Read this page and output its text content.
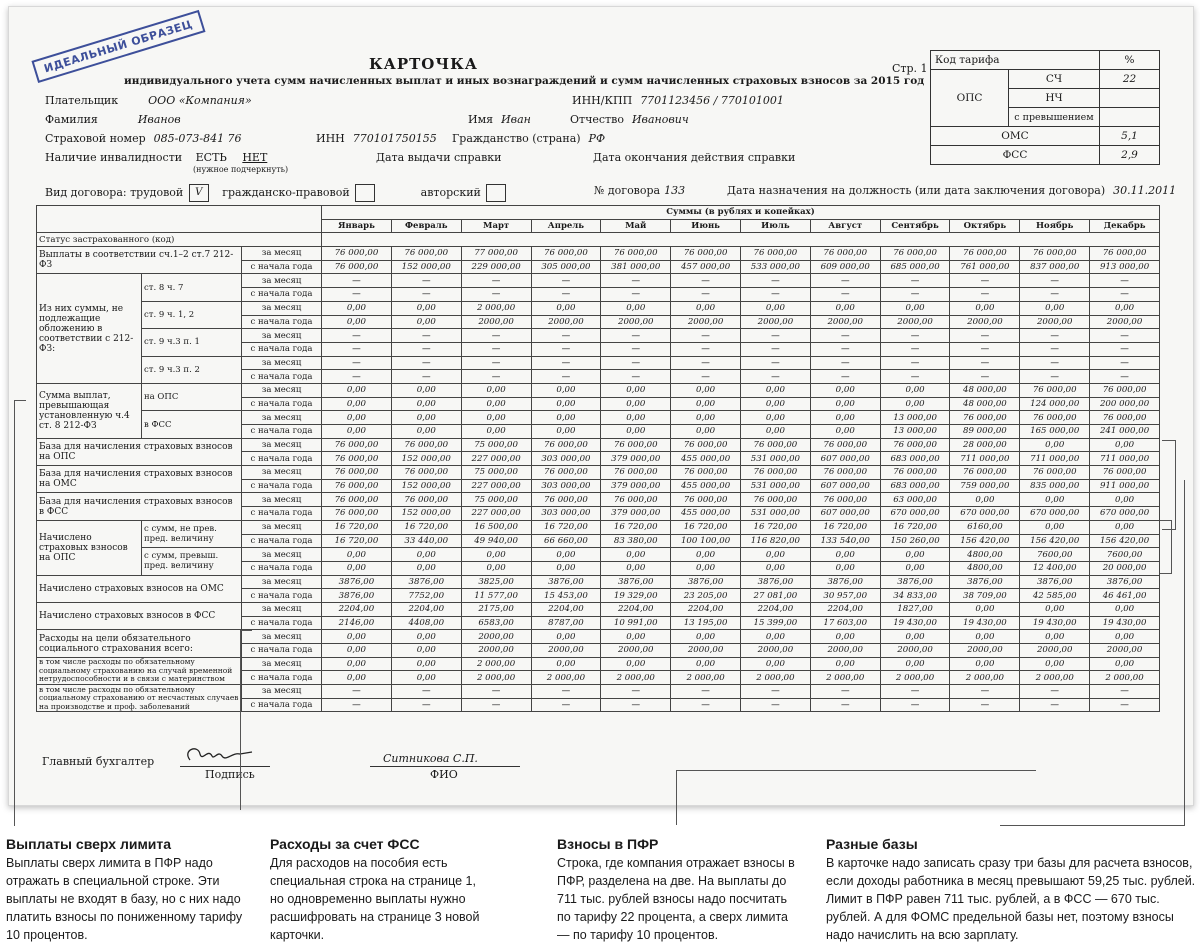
ИДЕАЛЬНЫЙ ОБРАЗЕЦ	КАРТОЧКА
индивидуального учета сумм начисленных выплат и иных вознаграждений и сумм начисленных страховых взносов за 2015 год
Стр. 1
Код тарифа		%
ОПС	СЧ	22
	НЧ	
	с превышением	
ОМС		5,1
ФСС		2,9
Плательщик	ООО «Компания»	ИНН/КПП 7701123456 / 770101001
Фамилия	Иванов	Имя Иван	Отчество Иванович
Страховой номер 085-073-841 76	ИНН 770101750155 Гражданство (страна) РФ
Наличие инвалидности ЕСТЬ НЕТ
(нужное подчеркнуть)
Дата выдачи справки	Дата окончания действия справки
Вид договора: трудовой V гражданско-правовой	авторский	№ договора 133	Дата назначения на должность (или дата заключения договора) 30.11.2011
			Суммы (в рублях и копейках)											
			Январь	Февраль	Март	Апрель	Май	Июнь	Июль	Август	Сентябрь	Октябрь	Ноябрь	Декабрь
Статус застрахованного (код)														
Выплаты в соответствии сч.1–2 ст.7 212-ФЗ		за месяц	76 000,00	76 000,00	77 000,00	76 000,00	76 000,00	76 000,00	76 000,00	76 000,00	76 000,00	76 000,00	76 000,00	76 000,00
		с начала года	76 000,00	152 000,00	229 000,00	305 000,00	381 000,00	457 000,00	533 000,00	609 000,00	685 000,00	761 000,00	837 000,00	913 000,00
Из них суммы, не подлежащие обложению в соответствии с 212-ФЗ:	ст. 8 ч. 7	за месяц	—	—	—	—	—	—	—	—	—	—	—	—
		с начала года	—	—	—	—	—	—	—	—	—	—	—	—
	ст. 9 ч. 1, 2	за месяц	0,00	0,00	2 000,00	0,00	0,00	0,00	0,00	0,00	0,00	0,00	0,00	0,00
		с начала года	0,00	0,00	2000,00	2000,00	2000,00	2000,00	2000,00	2000,00	2000,00	2000,00	2000,00	2000,00
	ст. 9 ч.3 п. 1	за месяц	—	—	—	—	—	—	—	—	—	—	—	—
		с начала года	—	—	—	—	—	—	—	—	—	—	—	—
	ст. 9 ч.3 п. 2	за месяц	—	—	—	—	—	—	—	—	—	—	—	—
		с начала года	—	—	—	—	—	—	—	—	—	—	—	—
Сумма выплат, превышающая установленную ч.4 ст. 8 212-ФЗ	на ОПС	за месяц	0,00	0,00	0,00	0,00	0,00	0,00	0,00	0,00	0,00	48 000,00	76 000,00	76 000,00
		с начала года	0,00	0,00	0,00	0,00	0,00	0,00	0,00	0,00	0,00	48 000,00	124 000,00	200 000,00
	в ФСС	за месяц	0,00	0,00	0,00	0,00	0,00	0,00	0,00	0,00	13 000,00	76 000,00	76 000,00	76 000,00
		с начала года	0,00	0,00	0,00	0,00	0,00	0,00	0,00	0,00	13 000,00	89 000,00	165 000,00	241 000,00
База для начисления страховых взносов на ОПС		за месяц	76 000,00	76 000,00	75 000,00	76 000,00	76 000,00	76 000,00	76 000,00	76 000,00	76 000,00	28 000,00	0,00	0,00
		с начала года	76 000,00	152 000,00	227 000,00	303 000,00	379 000,00	455 000,00	531 000,00	607 000,00	683 000,00	711 000,00	711 000,00	711 000,00
База для начисления страховых взносов на ОМС		за месяц	76 000,00	76 000,00	75 000,00	76 000,00	76 000,00	76 000,00	76 000,00	76 000,00	76 000,00	76 000,00	76 000,00	76 000,00
		с начала года	76 000,00	152 000,00	227 000,00	303 000,00	379 000,00	455 000,00	531 000,00	607 000,00	683 000,00	759 000,00	835 000,00	911 000,00
База для начисления страховых взносов в ФСС		за месяц	76 000,00	76 000,00	75 000,00	76 000,00	76 000,00	76 000,00	76 000,00	76 000,00	63 000,00	0,00	0,00	0,00
		с начала года	76 000,00	152 000,00	227 000,00	303 000,00	379 000,00	455 000,00	531 000,00	607 000,00	670 000,00	670 000,00	670 000,00	670 000,00
Начислено страховых взносов на ОПС	с сумм, не прев. пред. величину	за месяц	16 720,00	16 720,00	16 500,00	16 720,00	16 720,00	16 720,00	16 720,00	16 720,00	16 720,00	6160,00	0,00	0,00
		с начала года	16 720,00	33 440,00	49 940,00	66 660,00	83 380,00	100 100,00	116 820,00	133 540,00	150 260,00	156 420,00	156 420,00	156 420,00
	с сумм, превыш. пред. величину	за месяц	0,00	0,00	0,00	0,00	0,00	0,00	0,00	0,00	0,00	4800,00	7600,00	7600,00
		с начала года	0,00	0,00	0,00	0,00	0,00	0,00	0,00	0,00	0,00	4800,00	12 400,00	20 000,00
Начислено страховых взносов на ОМС		за месяц	3876,00	3876,00	3825,00	3876,00	3876,00	3876,00	3876,00	3876,00	3876,00	3876,00	3876,00	3876,00
		с начала года	3876,00	7752,00	11 577,00	15 453,00	19 329,00	23 205,00	27 081,00	30 957,00	34 833,00	38 709,00	42 585,00	46 461,00
Начислено страховых взносов в ФСС		за месяц	2204,00	2204,00	2175,00	2204,00	2204,00	2204,00	2204,00	2204,00	1827,00	0,00	0,00	0,00
		с начала года	2146,00	4408,00	6583,00	8787,00	10 991,00	13 195,00	15 399,00	17 603,00	19 430,00	19 430,00	19 430,00	19 430,00
Расходы на цели обязательного социального страхования всего:		за месяц	0,00	0,00	2000,00	0,00	0,00	0,00	0,00	0,00	0,00	0,00	0,00	0,00
		с начала года	0,00	0,00	2000,00	2000,00	2000,00	2000,00	2000,00	2000,00	2000,00	2000,00	2000,00	2000,00
в том числе расходы по обязательному социальному страхованию на случай временной нетрудоспособности и в связи с материнством		за месяц	0,00	0,00	2 000,00	0,00	0,00	0,00	0,00	0,00	0,00	0,00	0,00	0,00
		с начала года	0,00	0,00	2 000,00	2 000,00	2 000,00	2 000,00	2 000,00	2 000,00	2 000,00	2 000,00	2 000,00	2 000,00
в том числе расходы по обязательному социальному страхованию от несчастных случаев на производстве и проф. заболеваний		за месяц	—	—	—	—	—	—	—	—	—	—	—	—
		с начала года	—	—	—	—	—	—	—	—	—	—	—	—
Главный бухгалтер
Подпись
Ситникова С.П.
ФИО
Выплаты сверх лимита

Выплаты сверх лимита в ПФР надо отражать в специальной строке. Эти выплаты не входят в базу, но с них надо платить взносы по пониженному тарифу 10 процентов.

Расходы за счет ФСС

Для расходов на пособия есть специальная строка на странице 1, но одновременно выплаты нужно расшифровать на странице 3 новой карточки.

Взносы в ПФР

Строка, где компания отражает взносы в ПФР, разделена на две. На выплаты до 711 тыс. рублей взносы надо посчитать по тарифу 22 процента, а сверх лимита — по тарифу 10 процентов.

Разные базы

В карточке надо записать сразу три базы для расчета взносов, если доходы работника в месяц превышают 59,25 тыс. рублей. Лимит в ПФР равен 711 тыс. рублей, а в ФСС — 670 тыс. рублей. А для ФОМС предельной базы нет, поэтому взносы надо начислить на всю зарплату.
